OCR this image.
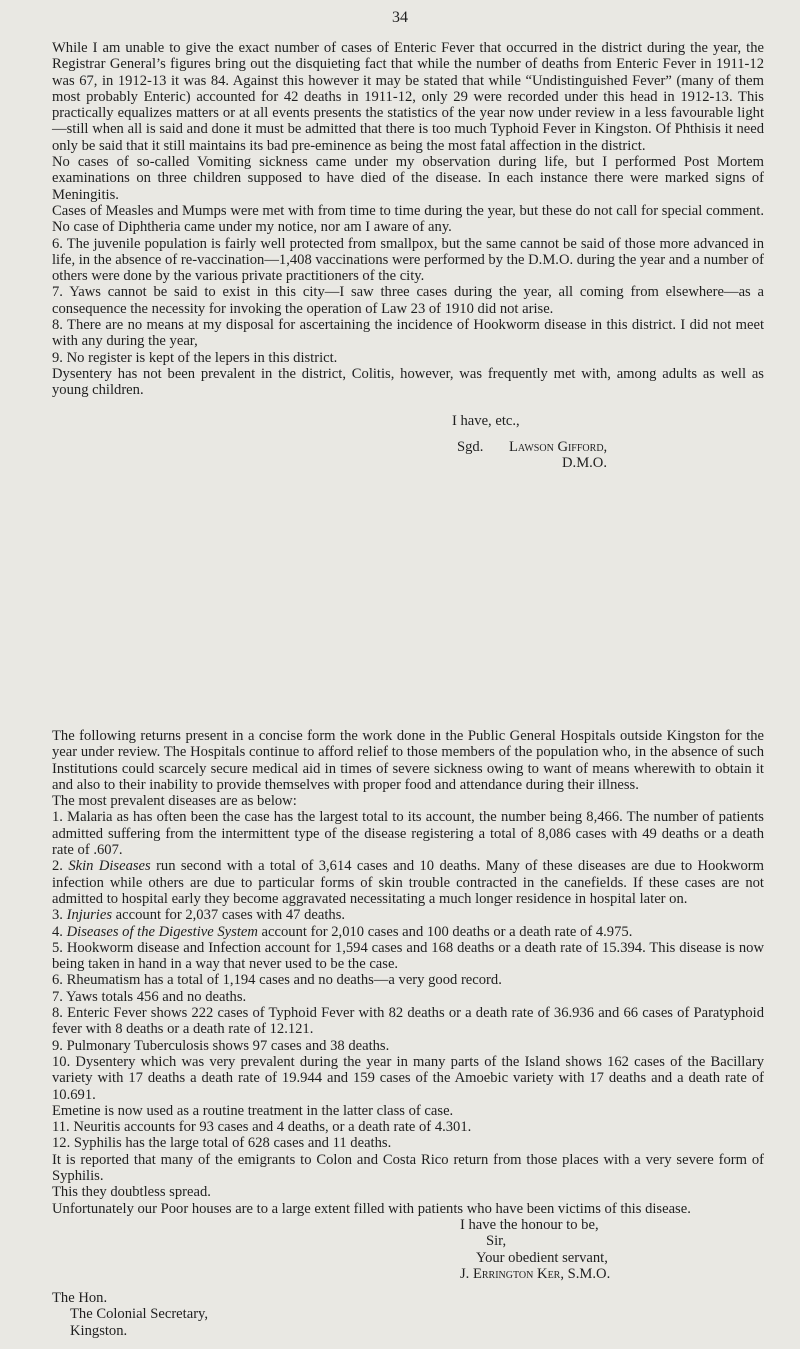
34

While I am unable to give the exact number of cases of Enteric Fever that occurred in the district during the year, the Registrar General’s figures bring out the disquieting fact that while the number of deaths from Enteric Fever in 1911-12 was 67, in 1912-13 it was 84. Against this however it may be stated that while “Undistinguished Fever” (many of them most probably Enteric) accounted for 42 deaths in 1911-12, only 29 were recorded under this head in 1912-13. This practically equalizes matters or at all events presents the statistics of the year now under review in a less favourable light—still when all is said and done it must be admitted that there is too much Typhoid Fever in Kingston. Of Phthisis it need only be said that it still maintains its bad pre-eminence as being the most fatal affection in the district.

No cases of so-called Vomiting sickness came under my observation during life, but I performed Post Mortem examinations on three children supposed to have died of the disease. In each instance there were marked signs of Meningitis.

Cases of Measles and Mumps were met with from time to time during the year, but these do not call for special comment. No case of Diphtheria came under my notice, nor am I aware of any.

6. The juvenile population is fairly well protected from smallpox, but the same cannot be said of those more advanced in life, in the absence of re-vaccination—1,408 vaccinations were performed by the D.M.O. during the year and a number of others were done by the various private practitioners of the city.

7. Yaws cannot be said to exist in this city—I saw three cases during the year, all coming from elsewhere—as a consequence the necessity for invoking the operation of Law 23 of 1910 did not arise.

8. There are no means at my disposal for ascertaining the incidence of Hookworm disease in this district. I did not meet with any during the year,

9. No register is kept of the lepers in this district.

Dysentery has not been prevalent in the district, Colitis, however, was frequently met with, among adults as well as young children.

I have, etc.,
Sgd. Lawson Gifford,
D.M.O.

The following returns present in a concise form the work done in the Public General Hospitals outside Kingston for the year under review. The Hospitals continue to afford relief to those members of the population who, in the absence of such Institutions could scarcely secure medical aid in times of severe sickness owing to want of means wherewith to obtain it and also to their inability to provide themselves with proper food and attendance during their illness.

The most prevalent diseases are as below:

1. Malaria as has often been the case has the largest total to its account, the number being 8,466. The number of patients admitted suffering from the intermittent type of the disease registering a total of 8,086 cases with 49 deaths or a death rate of .607.

2. Skin Diseases run second with a total of 3,614 cases and 10 deaths. Many of these diseases are due to Hookworm infection while others are due to particular forms of skin trouble contracted in the canefields. If these cases are not admitted to hospital early they become aggravated necessitating a much longer residence in hospital later on.

3. Injuries account for 2,037 cases with 47 deaths.

4. Diseases of the Digestive System account for 2,010 cases and 100 deaths or a death rate of 4.975.

5. Hookworm disease and Infection account for 1,594 cases and 168 deaths or a death rate of 15.394. This disease is now being taken in hand in a way that never used to be the case.

6. Rheumatism has a total of 1,194 cases and no deaths—a very good record.

7. Yaws totals 456 and no deaths.

8. Enteric Fever shows 222 cases of Typhoid Fever with 82 deaths or a death rate of 36.936 and 66 cases of Paratyphoid fever with 8 deaths or a death rate of 12.121.

9. Pulmonary Tuberculosis shows 97 cases and 38 deaths.

10. Dysentery which was very prevalent during the year in many parts of the Island shows 162 cases of the Bacillary variety with 17 deaths a death rate of 19.944 and 159 cases of the Amoebic variety with 17 deaths and a death rate of 10.691.

Emetine is now used as a routine treatment in the latter class of case.

11. Neuritis accounts for 93 cases and 4 deaths, or a death rate of 4.301.

12. Syphilis has the large total of 628 cases and 11 deaths.

It is reported that many of the emigrants to Colon and Costa Rico return from those places with a very severe form of Syphilis.

This they doubtless spread.

Unfortunately our Poor houses are to a large extent filled with patients who have been victims of this disease.

I have the honour to be,
Sir,
Your obedient servant,
J. Errington Ker, S.M.O.
The Hon.
The Colonial Secretary,
Kingston.
